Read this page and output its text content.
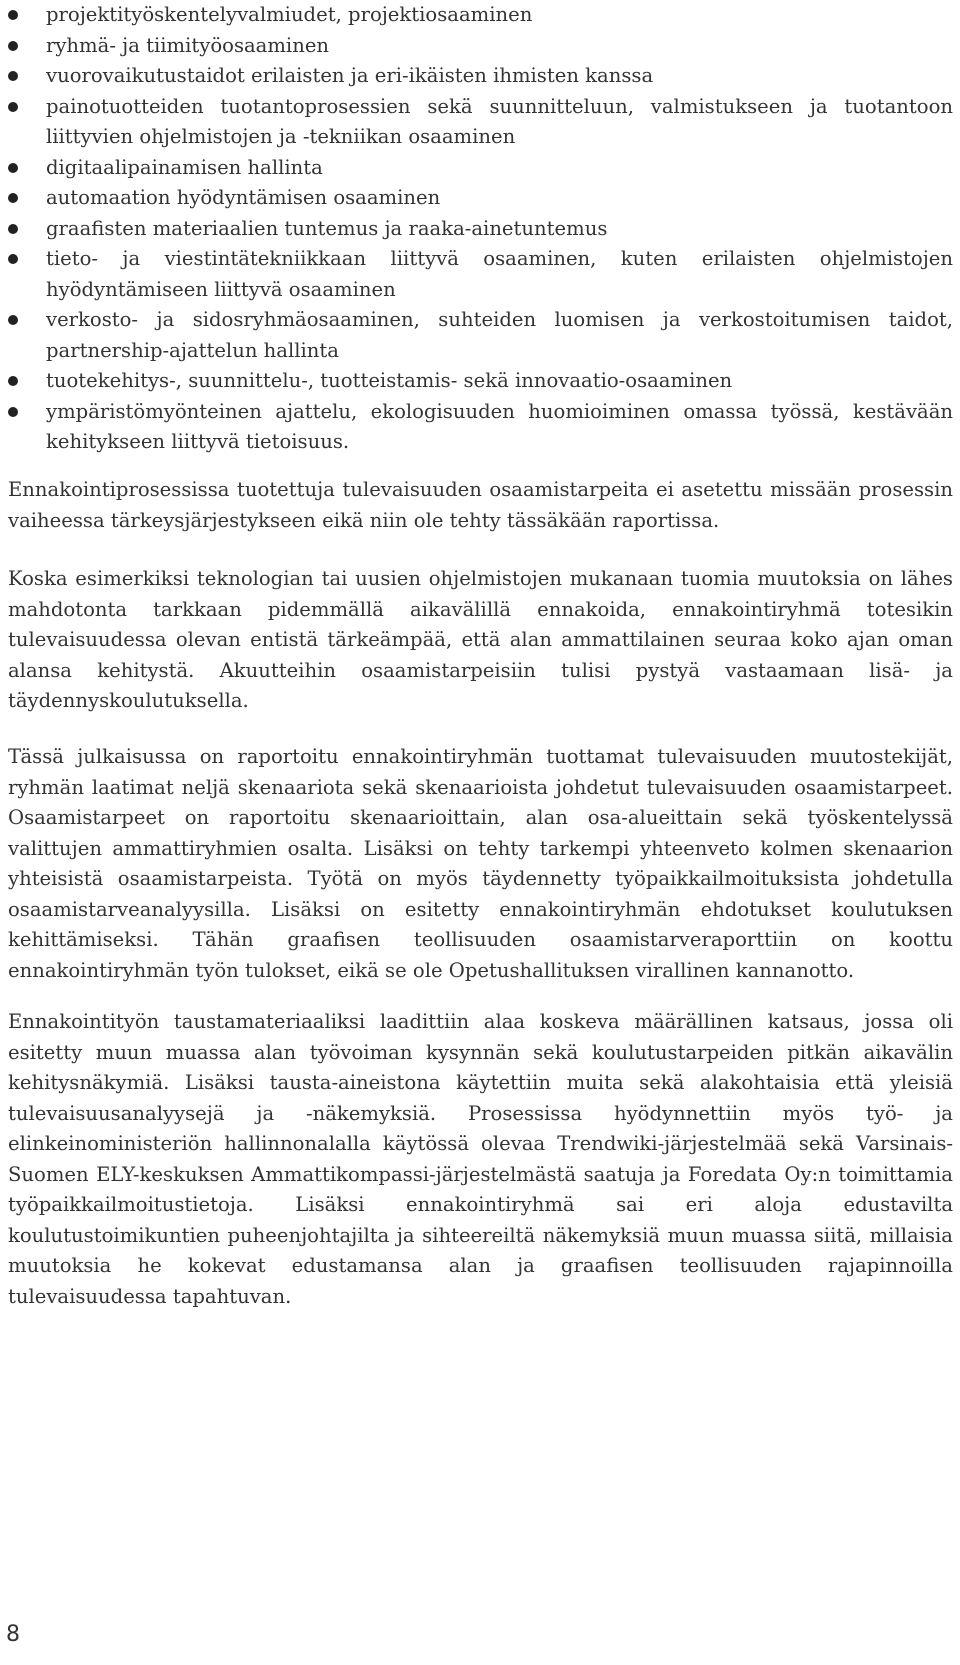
projektityöskentelyvalmiudet, projektiosaaminen
ryhmä- ja tiimityöosaaminen
vuorovaikutustaidot erilaisten ja eri-ikäisten ihmisten kanssa
painotuotteiden tuotantoprosessien sekä suunnitteluun, valmistukseen ja tuotantoon liittyvien ohjelmistojen ja -tekniikan osaaminen
digitaalipainamisen hallinta
automaation hyödyntämisen osaaminen
graafisten materiaalien tuntemus ja raaka-ainetuntemus
tieto- ja viestintätekniikkaan liittyvä osaaminen, kuten erilaisten ohjelmistojen hyödyntämiseen liittyvä osaaminen
verkosto- ja sidosryhmäosaaminen, suhteiden luomisen ja verkostoitumisen taidot, partnership-ajattelun hallinta
tuotekehitys-, suunnittelu-, tuotteistamis- sekä innovaatio-osaaminen
ympäristömyönteinen ajattelu, ekologisuuden huomioiminen omassa työssä, kestävään kehitykseen liittyvä tietoisuus.

Ennakointiprosessissa tuotettuja tulevaisuuden osaamistarpeita ei asetettu missään prosessin vaiheessa tärkeysjärjestykseen eikä niin ole tehty tässäkään raportissa.

Koska esimerkiksi teknologian tai uusien ohjelmistojen mukanaan tuomia muutoksia on lähes mahdotonta tarkkaan pidemmällä aikavälillä ennakoida, ennakointiryhmä totesikin tulevaisuudessa olevan entistä tärkeämpää, että alan ammattilainen seuraa koko ajan oman alansa kehitystä. Akuutteihin osaamistarpeisiin tulisi pystyä vastaamaan lisä- ja täydennyskoulutuksella.

Tässä julkaisussa on raportoitu ennakointiryhmän tuottamat tulevaisuuden muutostekijät, ryhmän laatimat neljä skenaariota sekä skenaarioista johdetut tulevaisuuden osaamistarpeet. Osaamistarpeet on raportoitu skenaarioittain, alan osa-alueittain sekä työskentelyssä valittujen ammattiryhmien osalta. Lisäksi on tehty tarkempi yhteenveto kolmen skenaarion yhteisistä osaamistarpeista. Työtä on myös täydennetty työpaikkailmoituksista johdetulla osaamistarveanalyysilla. Lisäksi on esitetty ennakointiryhmän ehdotukset koulutuksen kehittämiseksi. Tähän graafisen teollisuuden osaamistarveraporttiin on koottu ennakointiryhmän työn tulokset, eikä se ole Opetushallituksen virallinen kannanotto.

Ennakointityön taustamateriaaliksi laadittiin alaa koskeva määrällinen katsaus, jossa oli esitetty muun muassa alan työvoiman kysynnän sekä koulutustarpeiden pitkän aikavälin kehitysnäkymiä. Lisäksi tausta-aineistona käytettiin muita sekä alakohtaisia että yleisiä tulevaisuusanalyysejä ja -näkemyksiä. Prosessissa hyödynnettiin myös työ- ja elinkeinoministeriön hallinnonalalla käytössä olevaa Trendwiki-järjestelmää sekä Varsinais-Suomen ELY-keskuksen Ammattikompassi-järjestelmästä saatuja ja Foredata Oy:n toimittamia työpaikkailmoitustietoja. Lisäksi ennakointiryhmä sai eri aloja edustavilta koulutustoimikuntien puheenjohtajilta ja sihteereiltä näkemyksiä muun muassa siitä, millaisia muutoksia he kokevat edustamansa alan ja graafisen teollisuuden rajapinnoilla tulevaisuudessa tapahtuvan.

8
